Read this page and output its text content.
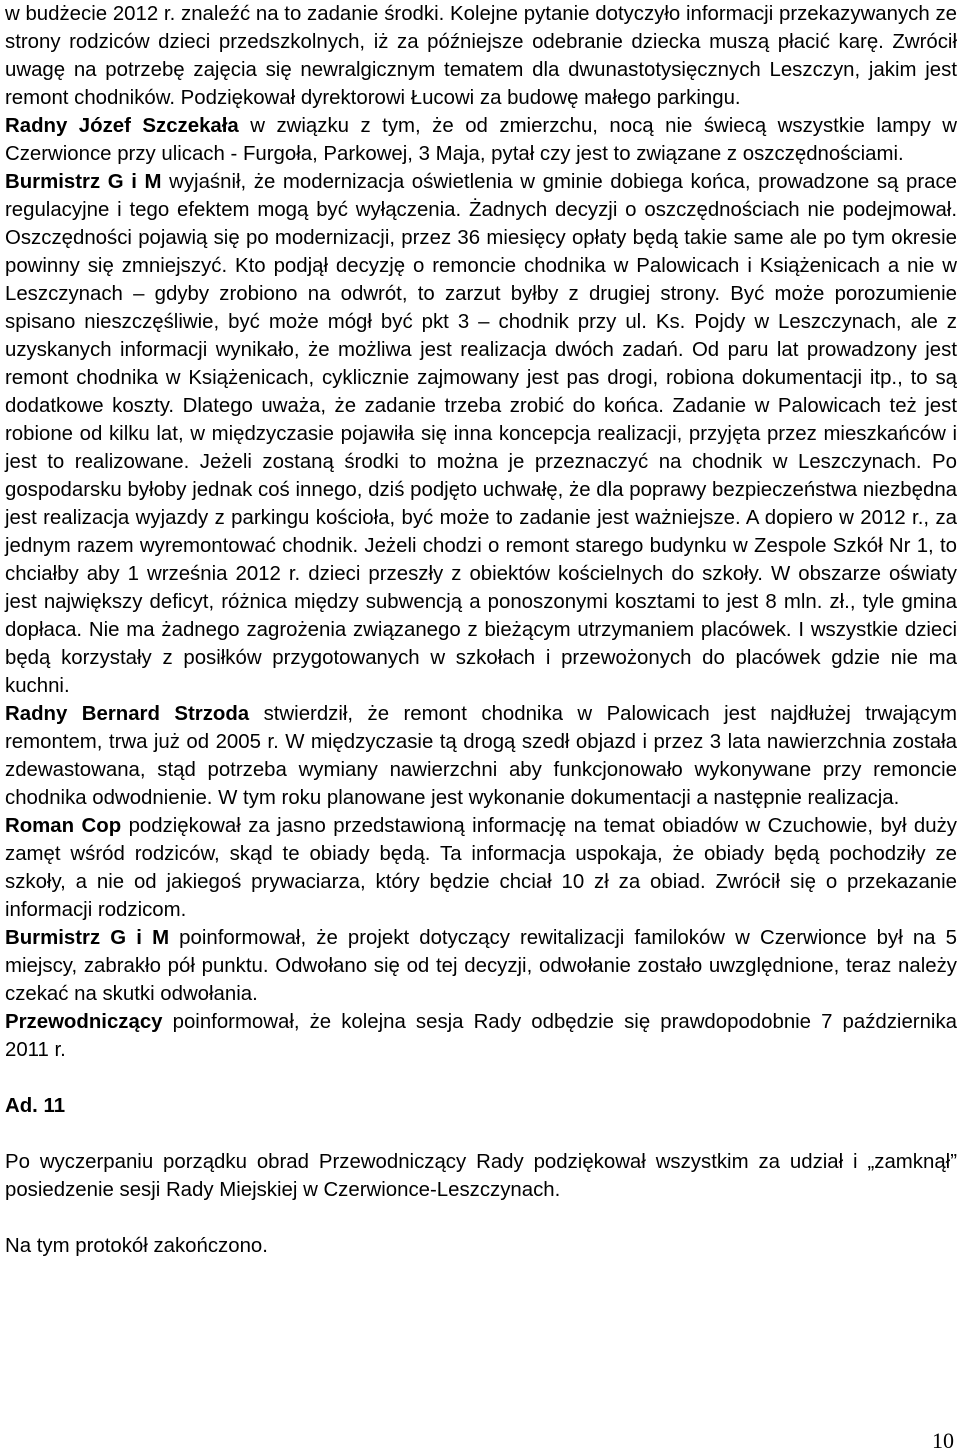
w budżecie 2012 r. znaleźć na to zadanie środki. Kolejne pytanie dotyczyło informacji przekazywanych ze strony rodziców dzieci przedszkolnych, iż za późniejsze odebranie dziecka muszą płacić karę. Zwrócił uwagę na potrzebę zajęcia się newralgicznym tematem dla dwunastotysięcznych Leszczyn, jakim jest remont chodników. Podziękował dyrektorowi Łucowi za budowę małego parkingu.

Radny Józef Szczekała w związku z tym, że od zmierzchu, nocą nie świecą wszystkie lampy w Czerwionce przy ulicach - Furgoła, Parkowej, 3 Maja, pytał czy jest to związane z oszczędnościami.

Burmistrz G i M wyjaśnił, że modernizacja oświetlenia w gminie dobiega końca, prowadzone są prace regulacyjne i tego efektem mogą być wyłączenia. Żadnych decyzji o oszczędnościach nie podejmował. Oszczędności pojawią się po modernizacji, przez 36 miesięcy opłaty będą takie same ale po tym okresie powinny się zmniejszyć. Kto podjął decyzję o remoncie chodnika w Palowicach i Książenicach a nie w Leszczynach – gdyby zrobiono na odwrót, to zarzut byłby z drugiej strony. Być może porozumienie spisano nieszczęśliwie, być może mógł być pkt 3 – chodnik przy ul. Ks. Pojdy w Leszczynach, ale z uzyskanych informacji wynikało, że możliwa jest realizacja dwóch zadań. Od paru lat prowadzony jest remont chodnika w Książenicach, cyklicznie zajmowany jest pas drogi, robiona dokumentacji itp., to są dodatkowe koszty. Dlatego uważa, że zadanie trzeba zrobić do końca. Zadanie w Palowicach też jest robione od kilku lat, w międzyczasie pojawiła się inna koncepcja realizacji, przyjęta przez mieszkańców i jest to realizowane. Jeżeli zostaną środki to można je przeznaczyć na chodnik w Leszczynach. Po gospodarsku byłoby jednak coś innego, dziś podjęto uchwałę, że dla poprawy bezpieczeństwa niezbędna jest realizacja wyjazdy z parkingu kościoła, być może to zadanie jest ważniejsze. A dopiero w 2012 r., za jednym razem wyremontować chodnik. Jeżeli chodzi o remont starego budynku w Zespole Szkół Nr 1, to chciałby aby 1 września 2012 r. dzieci przeszły z obiektów kościelnych do szkoły. W obszarze oświaty jest największy deficyt, różnica między subwencją a ponoszonymi kosztami to jest 8 mln. zł., tyle gmina dopłaca. Nie ma żadnego zagrożenia związanego z bieżącym utrzymaniem placówek. I wszystkie dzieci będą korzystały z posiłków przygotowanych w szkołach i przewożonych do placówek gdzie nie ma kuchni.

Radny Bernard Strzoda stwierdził, że remont chodnika w Palowicach jest najdłużej trwającym remontem, trwa już od 2005 r. W międzyczasie tą drogą szedł objazd i przez 3 lata nawierzchnia została zdewastowana, stąd potrzeba wymiany nawierzchni aby funkcjonowało wykonywane przy remoncie chodnika odwodnienie. W tym roku planowane jest wykonanie dokumentacji a następnie realizacja.

Roman Cop podziękował za jasno przedstawioną informację na temat obiadów w Czuchowie, był duży zamęt wśród rodziców, skąd te obiady będą. Ta informacja uspokaja, że obiady będą pochodziły ze szkoły, a nie od jakiegoś prywaciarza, który będzie chciał 10 zł za obiad. Zwrócił się o przekazanie informacji rodzicom.

Burmistrz G i M poinformował, że projekt dotyczący rewitalizacji familoków w Czerwionce był na 5 miejscy, zabrakło pół punktu. Odwołano się od tej decyzji, odwołanie zostało uwzględnione, teraz należy czekać na skutki odwołania.

Przewodniczący poinformował, że kolejna sesja Rady odbędzie się prawdopodobnie 7 października 2011 r.

Ad. 11

Po wyczerpaniu porządku obrad Przewodniczący Rady podziękował wszystkim za udział i „zamknął” posiedzenie sesji Rady Miejskiej w Czerwionce-Leszczynach.

Na tym protokół zakończono.

10
